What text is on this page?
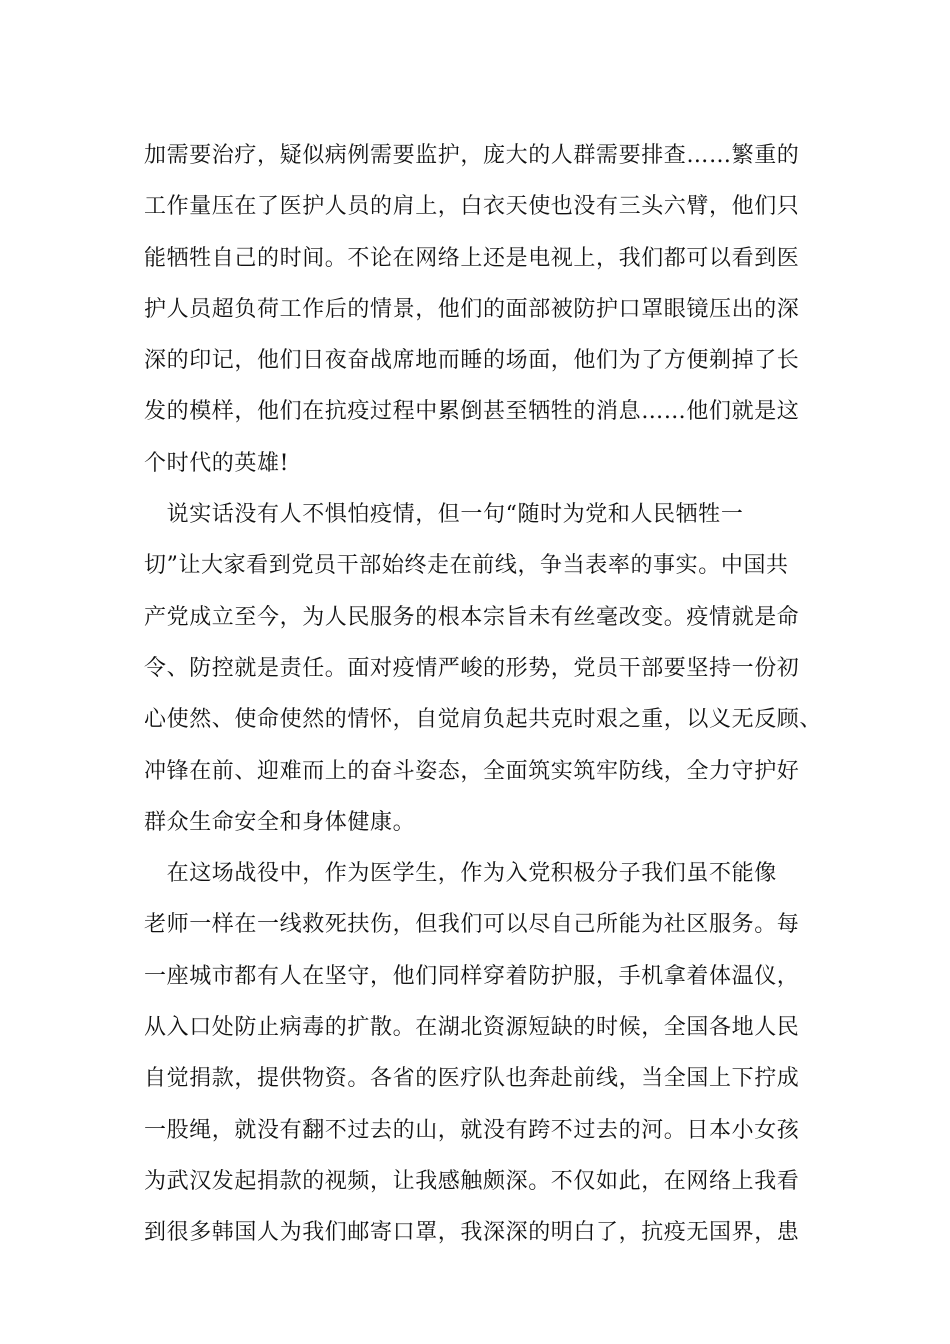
加需要治疗，疑似病例需要监护，庞大的人群需要排查……繁重的
工作量压在了医护人员的肩上，白衣天使也没有三头六臂，他们只
能牺牲自己的时间。不论在网络上还是电视上，我们都可以看到医
护人员超负荷工作后的情景，他们的面部被防护口罩眼镜压出的深
深的印记，他们日夜奋战席地而睡的场面，他们为了方便剃掉了长
发的模样，他们在抗疫过程中累倒甚至牺牲的消息……他们就是这
个时代的英雄!
　说实话没有人不惧怕疫情，但一句“随时为党和人民牺牲一
切”让大家看到党员干部始终走在前线，争当表率的事实。中国共
产党成立至今，为人民服务的根本宗旨未有丝毫改变。疫情就是命
令、防控就是责任。面对疫情严峻的形势，党员干部要坚持一份初
心使然、使命使然的情怀，自觉肩负起共克时艰之重，以义无反顾、
冲锋在前、迎难而上的奋斗姿态，全面筑实筑牢防线，全力守护好
群众生命安全和身体健康。
　在这场战役中，作为医学生，作为入党积极分子我们虽不能像
老师一样在一线救死扶伤，但我们可以尽自己所能为社区服务。每
一座城市都有人在坚守，他们同样穿着防护服，手机拿着体温仪，
从入口处防止病毒的扩散。在湖北资源短缺的时候，全国各地人民
自觉捐款，提供物资。各省的医疗队也奔赴前线，当全国上下拧成
一股绳，就没有翻不过去的山，就没有跨不过去的河。日本小女孩
为武汉发起捐款的视频，让我感触颇深。不仅如此，在网络上我看
到很多韩国人为我们邮寄口罩，我深深的明白了，抗疫无国界，患
